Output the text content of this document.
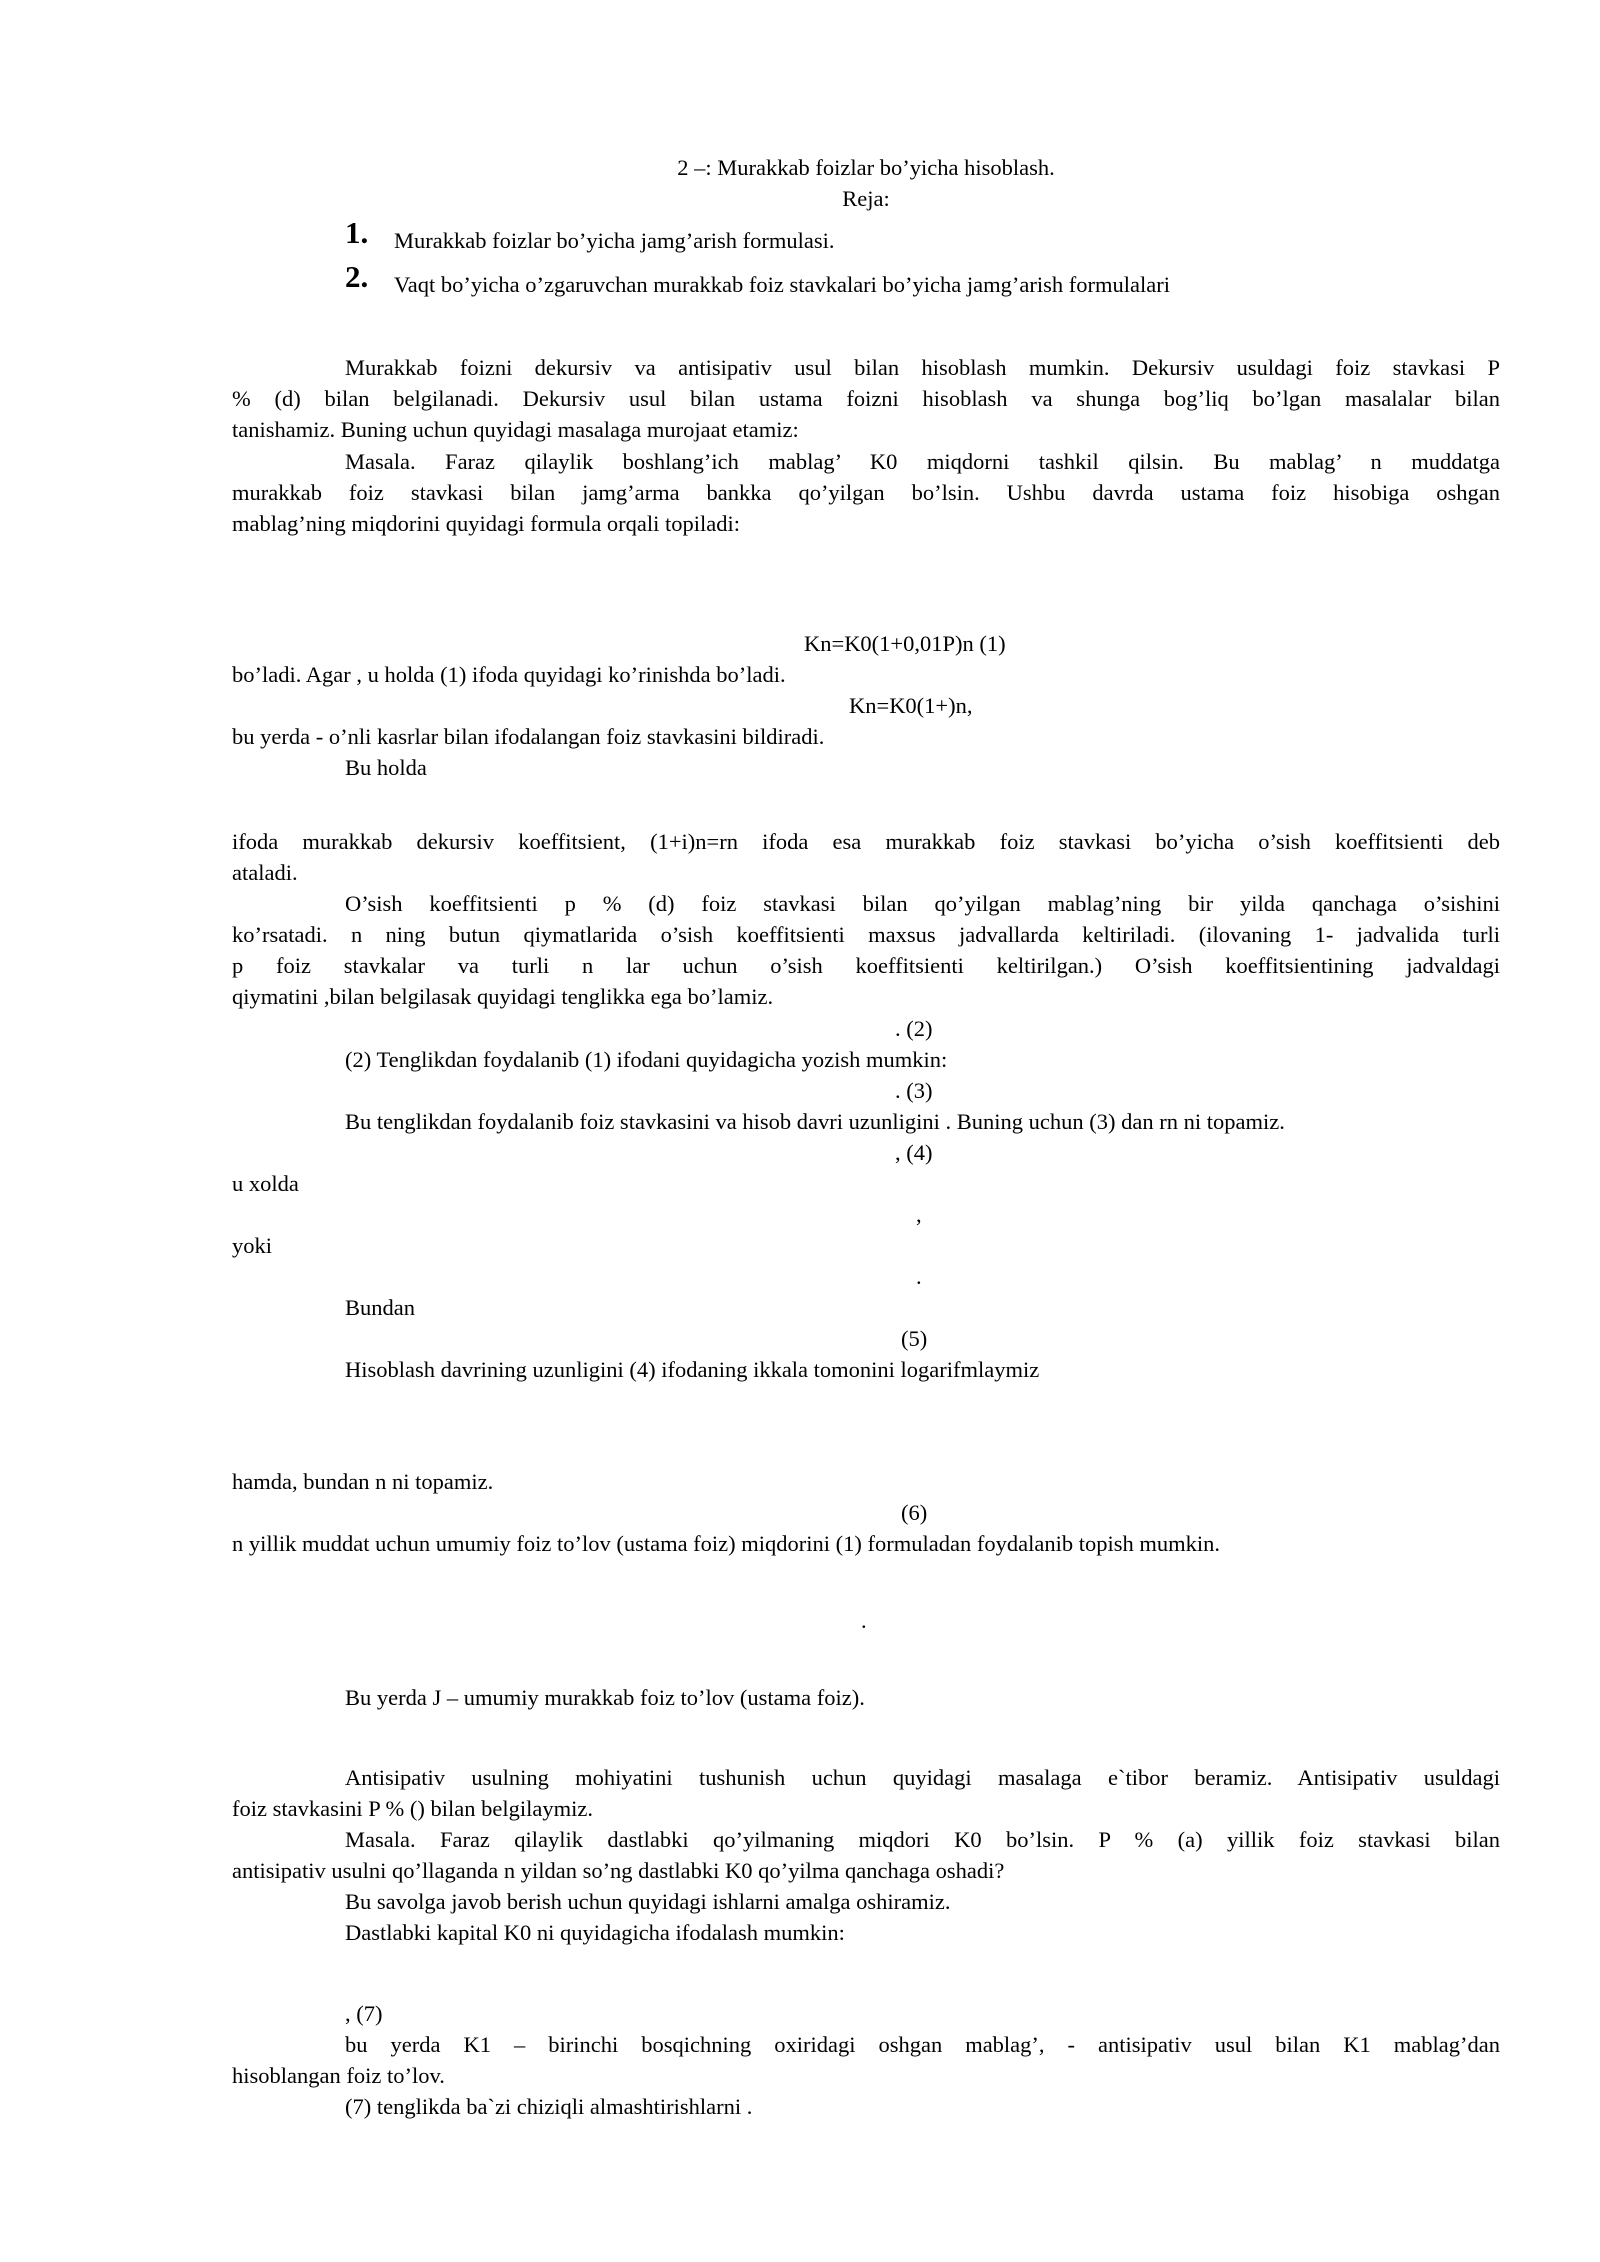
2 –: Murakkab foizlar bo’yicha hisoblash.
Reja:
1. Murakkab foizlar bo’yicha jamg’arish formulasi.
2. Vaqt bo’yicha o’zgaruvchan murakkab foiz stavkalari bo’yicha jamg’arish formulalari
Murakkab foizni dekursiv va antisipativ usul bilan hisoblash mumkin. Dekursiv usuldagi foiz stavkasi P
% (d) bilan belgilanadi. Dekursiv usul bilan ustama foizni hisoblash va shunga bog’liq bo’lgan masalalar bilan
tanishamiz. Buning uchun quyidagi masalaga murojaat etamiz:
Masala. Faraz qilaylik boshlang’ich mablag’ K0 miqdorni tashkil qilsin. Bu mablag’ n muddatga
murakkab foiz stavkasi bilan jamg’arma bankka qo’yilgan bo’lsin. Ushbu davrda ustama foiz hisobiga oshgan
mablag’ning miqdorini quyidagi formula orqali topiladi:
Kn=K0(1+0,01P)n (1)
bo’ladi. Agar , u holda (1) ifoda quyidagi ko’rinishda bo’ladi.
Kn=K0(1+)n,
bu yerda - o’nli kasrlar bilan ifodalangan foiz stavkasini bildiradi.
Bu holda
ifoda murakkab dekursiv koeffitsient, (1+i)n=rn ifoda esa murakkab foiz stavkasi bo’yicha o’sish koeffitsienti deb
ataladi.
O’sish koeffitsienti p % (d) foiz stavkasi bilan qo’yilgan mablag’ning bir yilda qanchaga o’sishini
ko’rsatadi. n ning butun qiymatlarida o’sish koeffitsienti maxsus jadvallarda keltiriladi. (ilovaning 1- jadvalida turli
p foiz stavkalar va turli n lar uchun o’sish koeffitsienti keltirilgan.) O’sish koeffitsientining jadvaldagi
qiymatini ,bilan belgilasak quyidagi tenglikka ega bo’lamiz.
. (2)
(2) Tenglikdan foydalanib (1) ifodani quyidagicha yozish mumkin:
. (3)
Bu tenglikdan foydalanib foiz stavkasini va hisob davri uzunligini . Buning uchun (3) dan rn ni topamiz.
, (4)
u xolda
,
yoki
.
Bundan
(5)
Hisoblash davrining uzunligini (4) ifodaning ikkala tomonini logarifmlaymiz
hamda, bundan n ni topamiz.
(6)
n yillik muddat uchun umumiy foiz to’lov (ustama foiz) miqdorini (1) formuladan foydalanib topish mumkin.
.
Bu yerda J – umumiy murakkab foiz to’lov (ustama foiz).
Antisipativ usulning mohiyatini tushunish uchun quyidagi masalaga e`tibor beramiz. Antisipativ usuldagi
foiz stavkasini P % () bilan belgilaymiz.
Masala. Faraz qilaylik dastlabki qo’yilmaning miqdori K0 bo’lsin. P % (a) yillik foiz stavkasi bilan
antisipativ usulni qo’llaganda n yildan so’ng dastlabki K0 qo’yilma qanchaga oshadi?
Bu savolga javob berish uchun quyidagi ishlarni amalga oshiramiz.
Dastlabki kapital K0 ni quyidagicha ifodalash mumkin:
, (7)
bu yerda K1 – birinchi bosqichning oxiridagi oshgan mablag’, - antisipativ usul bilan K1 mablag’dan
hisoblangan foiz to’lov.
(7) tenglikda ba`zi chiziqli almashtirishlarni .
